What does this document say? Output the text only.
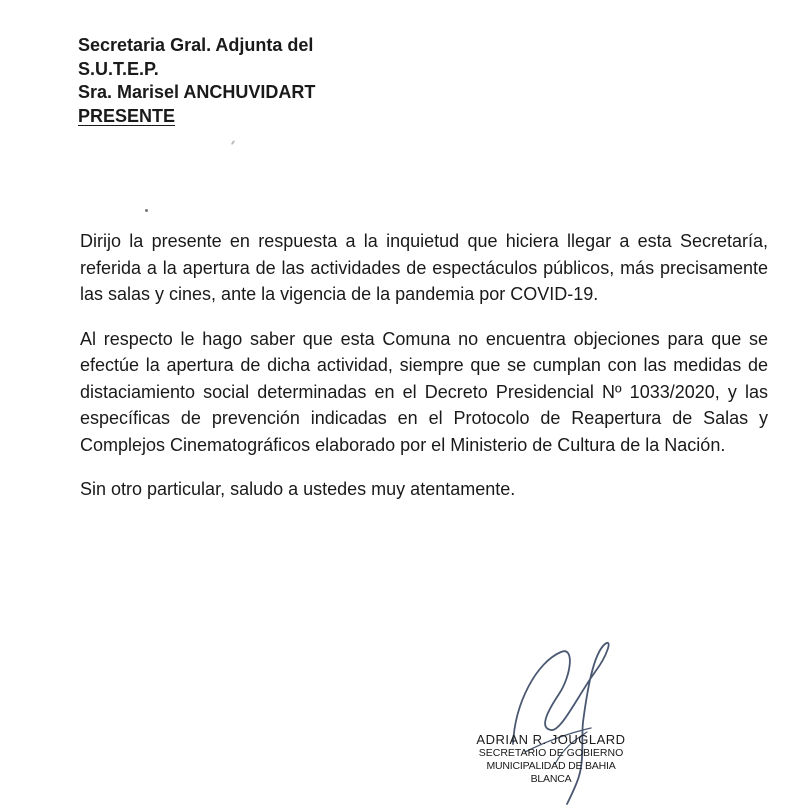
Secretaria Gral. Adjunta del
S.U.T.E.P.
Sra. Marisel ANCHUVIDART
PRESENTE

Dirijo la presente en respuesta a la inquietud que hiciera llegar a esta Secretaría, referida a la apertura de las actividades de espectáculos públicos, más precisamente las salas y cines, ante la vigencia de la pandemia por COVID-19.

Al respecto le hago saber que esta Comuna no encuentra objeciones para que se efectúe la apertura de dicha actividad, siempre que se cumplan con las medidas de distaciamiento social determinadas en el Decreto Presidencial Nº 1033/2020, y las específicas de prevención indicadas en el Protocolo de Reapertura de Salas y Complejos Cinematográficos elaborado por el Ministerio de Cultura de la Nación.

Sin otro particular, saludo a ustedes muy atentamente.

ADRIAN R. JOUGLARD
SECRETARIO DE GOBIERNO
MUNICIPALIDAD DE BAHIA BLANCA
